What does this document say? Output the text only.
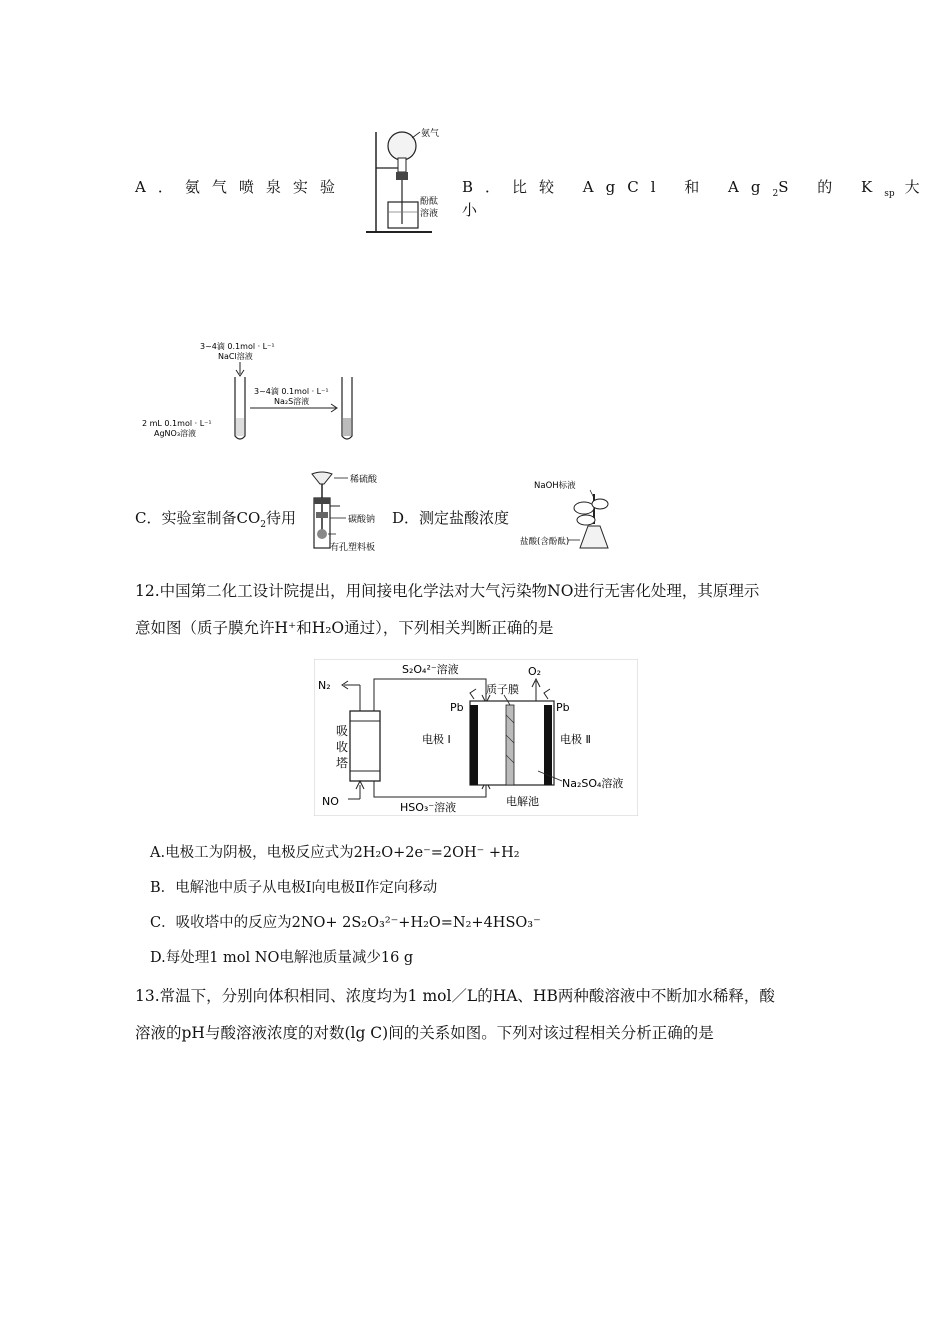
A．氨气喷泉实验
氨气
酚酞
溶液
B．比较 AgCl 和 $Ag_2S$ 的 $K_{sp}$ 大小
3~4滴 0.1mol · L⁻¹
NaCl溶液
2 mL 0.1mol · L⁻¹
AgNO₃溶液
3~4滴 0.1mol · L⁻¹
Na₂S溶液
C．实验室制备$CO_2$待用
稀硫酸
碳酸钠
有孔塑料板
D．测定盐酸浓度
NaOH标液
盐酸(含酚酞)
12.中国第二化工设计院提出，用间接电化学法对大气污染物NO进行无害化处理，其原理示
意如图（质子膜允许H⁺和H₂O通过），下列相关判断正确的是
吸
收
塔
S₂O₄²⁻溶液
N₂
HSO₃⁻溶液
NO
质子膜
Pb	Pb
O₂
电极 Ⅰ	电极 Ⅱ
Na₂SO₄溶液
电解池
A.电极工为阴极，电极反应式为2H₂O+2e⁻=2OH⁻ +H₂
B．电解池中质子从电极Ⅰ向电极Ⅱ作定向移动
C．吸收塔中的反应为2NO+ 2S₂O₃²⁻+H₂O=N₂+4HSO₃⁻
D.每处理1 mol NO电解池质量减少16 g
13.常温下，分别向体积相同、浓度均为1 mol／L的HA、HB两种酸溶液中不断加水稀释，酸
溶液的pH与酸溶液浓度的对数(lg C)间的关系如图。下列对该过程相关分析正确的是
